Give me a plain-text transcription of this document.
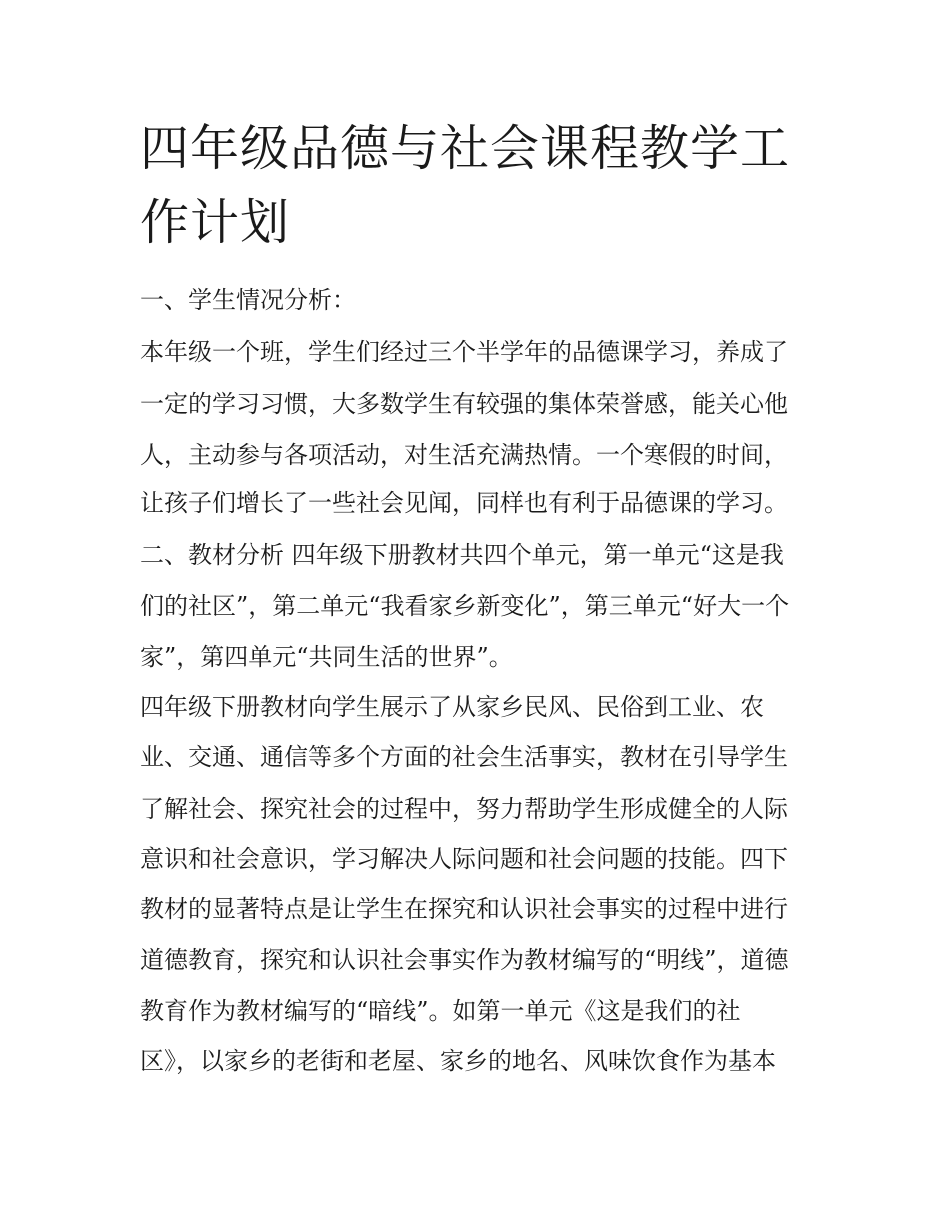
四年级品德与社会课程教学工
作计划

一、学生情况分析：

本年级一个班，学生们经过三个半学年的品德课学习，养成了

一定的学习习惯，大多数学生有较强的集体荣誉感，能关心他

人，主动参与各项活动，对生活充满热情。一个寒假的时间，

让孩子们增长了一些社会见闻，同样也有利于品德课的学习。

二、教材分析 四年级下册教材共四个单元，第一单元“这是我

们的社区”，第二单元“我看家乡新变化”，第三单元“好大一个

家”，第四单元“共同生活的世界”。

四年级下册教材向学生展示了从家乡民风、民俗到工业、农

业、交通、通信等多个方面的社会生活事实，教材在引导学生

了解社会、探究社会的过程中，努力帮助学生形成健全的人际

意识和社会意识，学习解决人际问题和社会问题的技能。四下

教材的显著特点是让学生在探究和认识社会事实的过程中进行

道德教育，探究和认识社会事实作为教材编写的“明线”，道德

教育作为教材编写的“暗线”。如第一单元《这是我们的社

区》，以家乡的老街和老屋、家乡的地名、风味饮食作为基本
